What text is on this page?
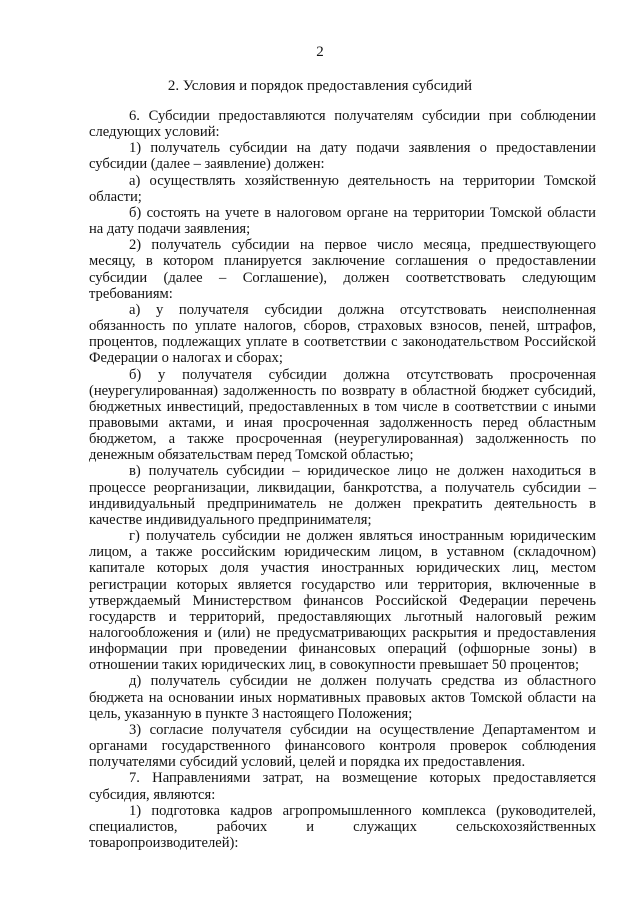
2
2. Условия и порядок предоставления субсидий

6. Субсидии предоставляются получателям субсидии при соблюдении следующих условий:

1) получатель субсидии на дату подачи заявления о предоставлении субсидии (далее – заявление) должен:

а) осуществлять хозяйственную деятельность на территории Томской области;

б) состоять на учете в налоговом органе на территории Томской области на дату подачи заявления;

2) получатель субсидии на первое число месяца, предшествующего месяцу, в котором планируется заключение соглашения о предоставлении субсидии (далее – Соглашение), должен соответствовать следующим требованиям:

а) у получателя субсидии должна отсутствовать неисполненная обязанность по уплате налогов, сборов, страховых взносов, пеней, штрафов, процентов, подлежащих уплате в соответствии с законодательством Российской Федерации о налогах и сборах;

б) у получателя субсидии должна отсутствовать просроченная (неурегулированная) задолженность по возврату в областной бюджет субсидий, бюджетных инвестиций, предоставленных в том числе в соответствии с иными правовыми актами, и иная просроченная задолженность перед областным бюджетом, а также просроченная (неурегулированная) задолженность по денежным обязательствам перед Томской областью;

в) получатель субсидии – юридическое лицо не должен находиться в процессе реорганизации, ликвидации, банкротства, а получатель субсидии – индивидуальный предприниматель не должен прекратить деятельность в качестве индивидуального предпринимателя;

г) получатель субсидии не должен являться иностранным юридическим лицом, а также российским юридическим лицом, в уставном (складочном) капитале которых доля участия иностранных юридических лиц, местом регистрации которых является государство или территория, включенные в утверждаемый Министерством финансов Российской Федерации перечень государств и территорий, предоставляющих льготный налоговый режим налогообложения и (или) не предусматривающих раскрытия и предоставления информации при проведении финансовых операций (офшорные зоны) в отношении таких юридических лиц, в совокупности превышает 50 процентов;

д) получатель субсидии не должен получать средства из областного бюджета на основании иных нормативных правовых актов Томской области на цель, указанную в пункте 3 настоящего Положения;

3) согласие получателя субсидии на осуществление Департаментом и органами государственного финансового контроля проверок соблюдения получателями субсидий условий, целей и порядка их предоставления.

7. Направлениями затрат, на возмещение которых предоставляется субсидия, являются:

1) подготовка кадров агропромышленного комплекса (руководителей, специалистов, рабочих и служащих сельскохозяйственных товаропроизводителей):
